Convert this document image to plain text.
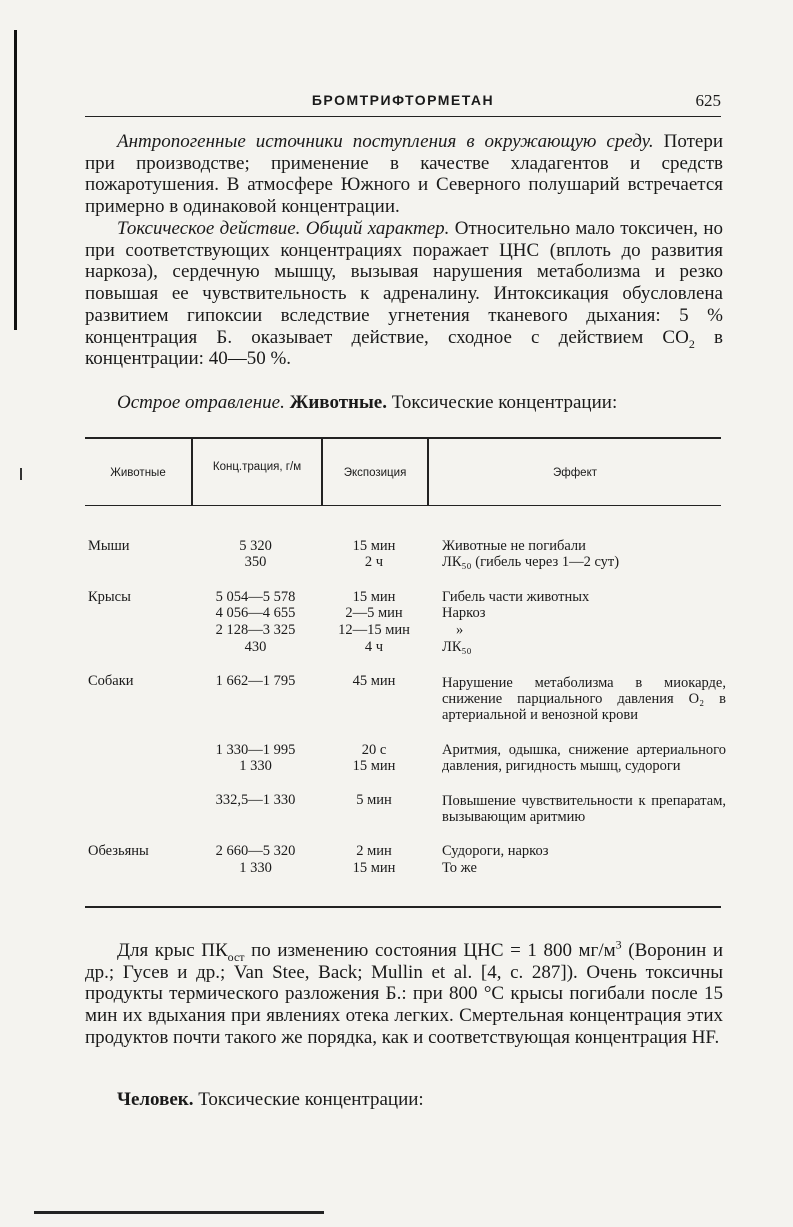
БРОМТРИФТОРМЕТАН	625

Антропогенные источники поступления в окружающую среду. Потери при производстве; применение в качестве хладагентов и средств пожаротушения. В атмосфере Южного и Северного полушарий встречается примерно в одинаковой концентрации.

Токсическое действие. Общий характер. Относительно мало токсичен, но при соответствующих концентрациях поражает ЦНС (вплоть до развития наркоза), сердечную мышцу, вызывая нарушения метаболизма и резко повышая ее чувствительность к адреналину. Интоксикация обусловлена развитием гипоксии вследствие угнетения тканевого дыхания: 5 % концентрация Б. оказывает действие, сходное с действием $CO_2$ в концентрации: 40—50 %.

Острое отравление. Животные. Токсические концентрации:

Животные	Конц.трация, г/м	Экспозиция	Эффект
Мыши	5 320	15 мин	Животные не погибали
350	2 ч	ЛК₅₀ (гибель через 1—2 сут)
Крысы	5 054—5 578	15 мин	Гибель части животных
4 056—4 655	2—5 мин	Наркоз
2 128—3 325	12—15 мин	»
430	4 ч	ЛК₅₀
Собаки	1 662—1 795	45 мин	Нарушение метаболизма в миокарде, снижение парциального давления O₂ в артериальной и венозной крови
1 330—1 995	20 с	Аритмия, одышка, снижение артериального давления, ригидность мышц, судороги
1 330	15 мин
332,5—1 330	5 мин	Повышение чувствительности к препаратам, вызывающим аритмию
Обезьяны	2 660—5 320	2 мин	Судороги, наркоз
1 330	15 мин	То же

Для крыс $ПК_{ост}$ по изменению состояния ЦНС = 1 800 $мг/м^3$ (Воронин и др.; Гусев и др.; Van Stee, Back; Mullin et al. [4, с. 287]). Очень токсичны продукты термического разложения Б.: при 800 °С крысы погибали после 15 мин их вдыхания при явлениях отека легких. Смертельная концентрация этих продуктов почти такого же порядка, как и соответствующая концентрация HF.

Человек. Токсические концентрации:
